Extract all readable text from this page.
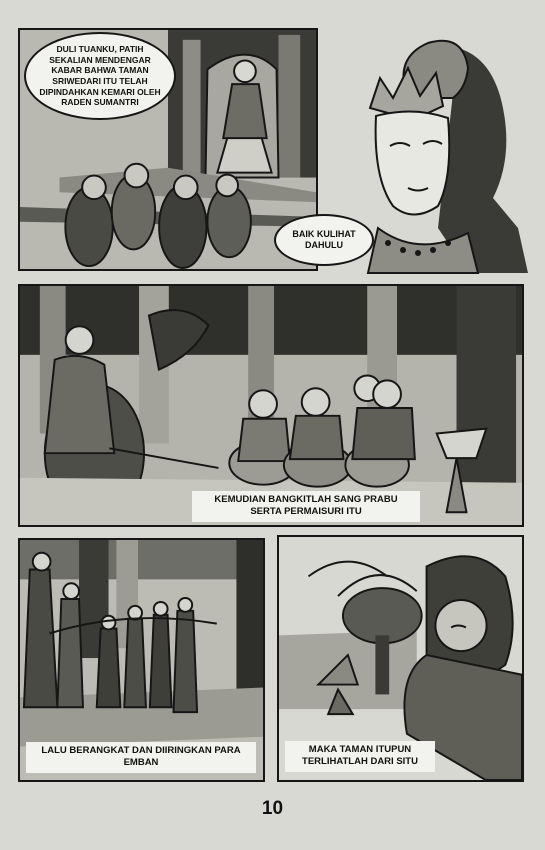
DULI TUANKU, PATIH SEKALIAN MENDENGAR KABAR BAHWA TAMAN SRIWEDARI ITU TELAH DIPINDAHKAN KEMARI OLEH RADEN SUMANTRI
BAIK KULIHAT DAHULU
KEMUDIAN BANGKITLAH SANG PRABU SERTA PERMAISURI ITU
LALU BERANGKAT DAN DIIRINGKAN PARA EMBAN
MAKA TAMAN ITUPUN TERLIHATLAH DARI SITU
10
